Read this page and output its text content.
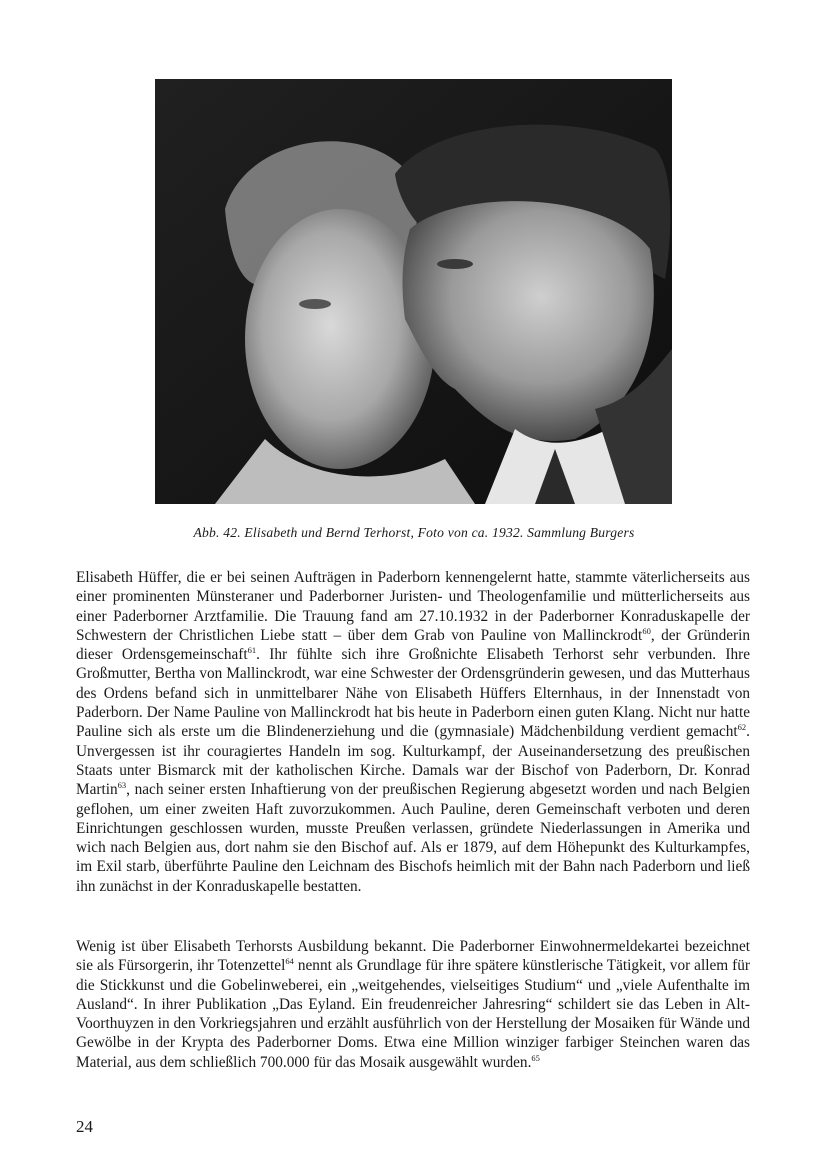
Abb. 42. Elisabeth und Bernd Terhorst, Foto von ca. 1932. Sammlung Burgers

Elisabeth Hüffer, die er bei seinen Aufträgen in Paderborn kennengelernt hatte, stammte väterlicherseits aus einer prominenten Münsteraner und Paderborner Juristen- und Theologenfamilie und mütterlicherseits aus einer Paderborner Arztfamilie. Die Trauung fand am 27.10.1932 in der Paderborner Konraduskapelle der Schwestern der Christlichen Liebe statt – über dem Grab von Pauline von Mallinckrodt$^{60}$, der Gründerin dieser Ordensgemeinschaft$^{61}$. Ihr fühlte sich ihre Großnichte Elisabeth Terhorst sehr verbunden. Ihre Großmutter, Bertha von Mallinckrodt, war eine Schwester der Ordensgründerin gewesen, und das Mutterhaus des Ordens befand sich in unmittelbarer Nähe von Elisabeth Hüffers Elternhaus, in der Innenstadt von Paderborn. Der Name Pauline von Mallinckrodt hat bis heute in Paderborn einen guten Klang. Nicht nur hatte Pauline sich als erste um die Blindenerziehung und die (gymnasiale) Mädchenbildung verdient gemacht$^{62}$. Unvergessen ist ihr couragiertes Handeln im sog. Kulturkampf, der Auseinandersetzung des preußischen Staats unter Bismarck mit der katholischen Kirche. Damals war der Bischof von Paderborn, Dr. Konrad Martin$^{63}$, nach seiner ersten Inhaftierung von der preußischen Regierung abgesetzt worden und nach Belgien geflohen, um einer zweiten Haft zuvorzukommen. Auch Pauline, deren Gemeinschaft verboten und deren Einrichtungen geschlossen wurden, musste Preußen verlassen, gründete Niederlassungen in Amerika und wich nach Belgien aus, dort nahm sie den Bischof auf. Als er 1879, auf dem Höhepunkt des Kulturkampfes, im Exil starb, überführte Pauline den Leichnam des Bischofs heimlich mit der Bahn nach Paderborn und ließ ihn zunächst in der Konraduskapelle bestatten.

Wenig ist über Elisabeth Terhorsts Ausbildung bekannt. Die Paderborner Einwohnermeldekartei bezeichnet sie als Fürsorgerin, ihr Totenzettel$^{64}$ nennt als Grundlage für ihre spätere künstlerische Tätigkeit, vor allem für die Stickkunst und die Gobelinweberei, ein „weitgehendes, vielseitiges Studium“ und „viele Aufenthalte im Ausland“. In ihrer Publikation „Das Eyland. Ein freudenreicher Jahresring“ schildert sie das Leben in Alt-Voorthuyzen in den Vorkriegsjahren und erzählt ausführlich von der Herstellung der Mosaiken für Wände und Gewölbe in der Krypta des Paderborner Doms. Etwa eine Million winziger farbiger Steinchen waren das Material, aus dem schließlich 700.000 für das Mosaik ausgewählt wurden.$^{65}$

24
